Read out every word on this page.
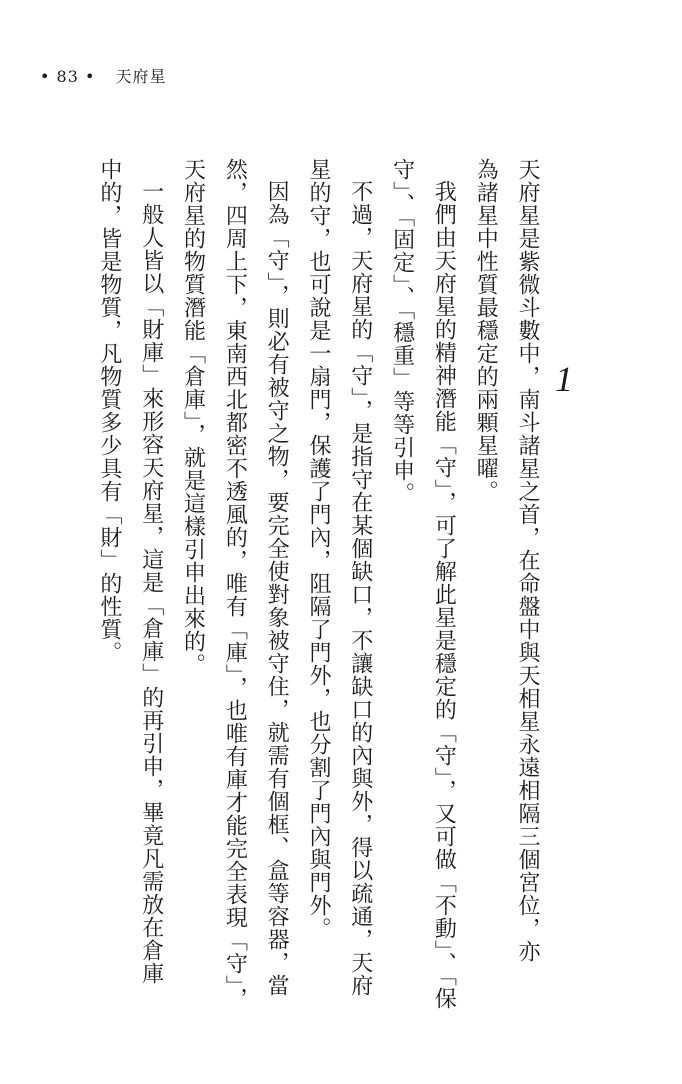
• 83 • 天府星
1
天府星是紫微斗數中，南斗諸星之首，在命盤中與天相星永遠相隔三個宮位，亦
為諸星中性質最穩定的兩顆星曜。
我們由天府星的精神潛能「守」，可了解此星是穩定的「守」，又可做「不動」、「保
守」、「固定」、「穩重」等等引申。
不過，天府星的「守」，是指守在某個缺口，不讓缺口的內與外，得以疏通，天府
星的守，也可說是一扇門，保護了門內，阻隔了門外，也分割了門內與門外。
因為「守」，則必有被守之物，要完全使對象被守住，就需有個框、盒等容器，當
然，四周上下，東南西北都密不透風的，唯有「庫」，也唯有庫才能完全表現「守」，
天府星的物質潛能「倉庫」，就是這樣引申出來的。
一般人皆以「財庫」來形容天府星，這是「倉庫」的再引申，畢竟凡需放在倉庫
中的，皆是物質，凡物質多少具有「財」的性質。
